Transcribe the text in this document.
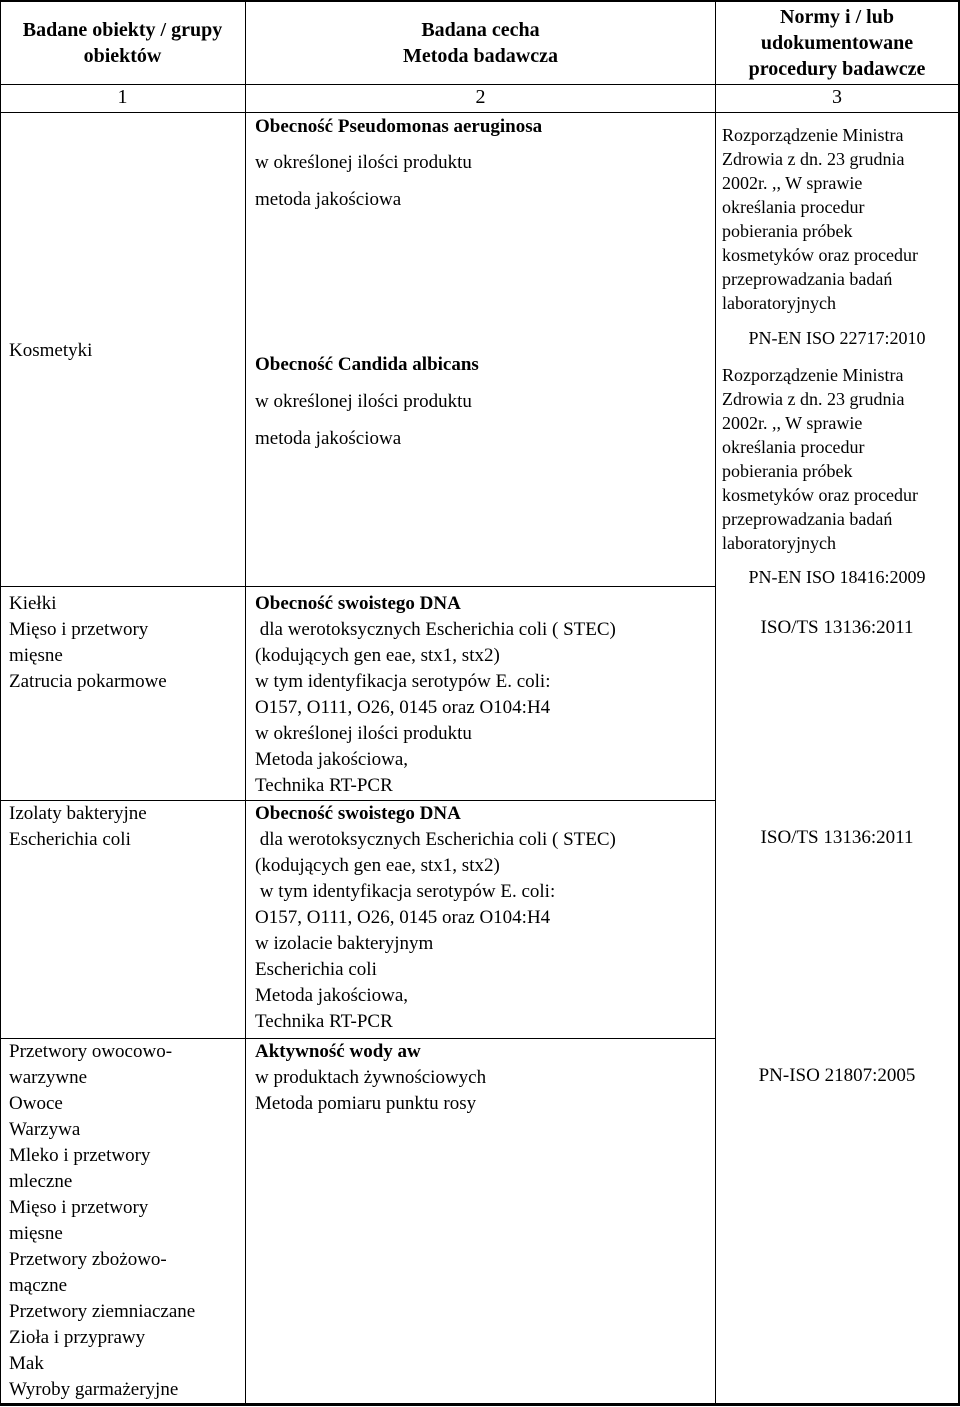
Badane obiekty / grupy
obiektów
Badana cecha
Metoda badawcza
Normy i / lub
udokumentowane
procedury badawcze
1	2	3
Kosmetyki
Obecność Pseudomonas aeruginosa
w określonej ilości produktu
metoda jakościowa
Rozporządzenie Ministra
Zdrowia z dn. 23 grudnia
2002r. ,, W sprawie
określania procedur
pobierania próbek
kosmetyków oraz procedur
przeprowadzania badań
laboratoryjnych
PN-EN ISO 22717:2010
Obecność Candida albicans
w określonej ilości produktu
metoda jakościowa
Rozporządzenie Ministra
Zdrowia z dn. 23 grudnia
2002r. ,, W sprawie
określania procedur
pobierania próbek
kosmetyków oraz procedur
przeprowadzania badań
laboratoryjnych
PN-EN ISO 18416:2009
Kiełki
Mięso i przetwory
mięsne
Zatrucia pokarmowe
Obecność swoistego DNA
dla werotoksycznych Escherichia coli ( STEC)
(kodujących gen eae, stx1, stx2)
w tym identyfikacja serotypów E. coli:
O157, O111, O26, 0145 oraz O104:H4
w określonej ilości produktu
Metoda jakościowa,
Technika RT-PCR
ISO/TS 13136:2011
Izolaty bakteryjne
Escherichia coli
Obecność swoistego DNA
dla werotoksycznych Escherichia coli ( STEC)
(kodujących gen eae, stx1, stx2)
w tym identyfikacja serotypów E. coli:
O157, O111, O26, 0145 oraz O104:H4
w izolacie bakteryjnym
Escherichia coli
Metoda jakościowa,
Technika RT-PCR
ISO/TS 13136:2011
Przetwory owocowo-
warzywne
Owoce
Warzywa
Mleko i przetwory
mleczne
Mięso i przetwory
mięsne
Przetwory zbożowo-
mączne
Przetwory ziemniaczane
Zioła i przyprawy
Mak
Wyroby garmażeryjne
Aktywność wody aw
w produktach żywnościowych
Metoda pomiaru punktu rosy
PN-ISO 21807:2005
